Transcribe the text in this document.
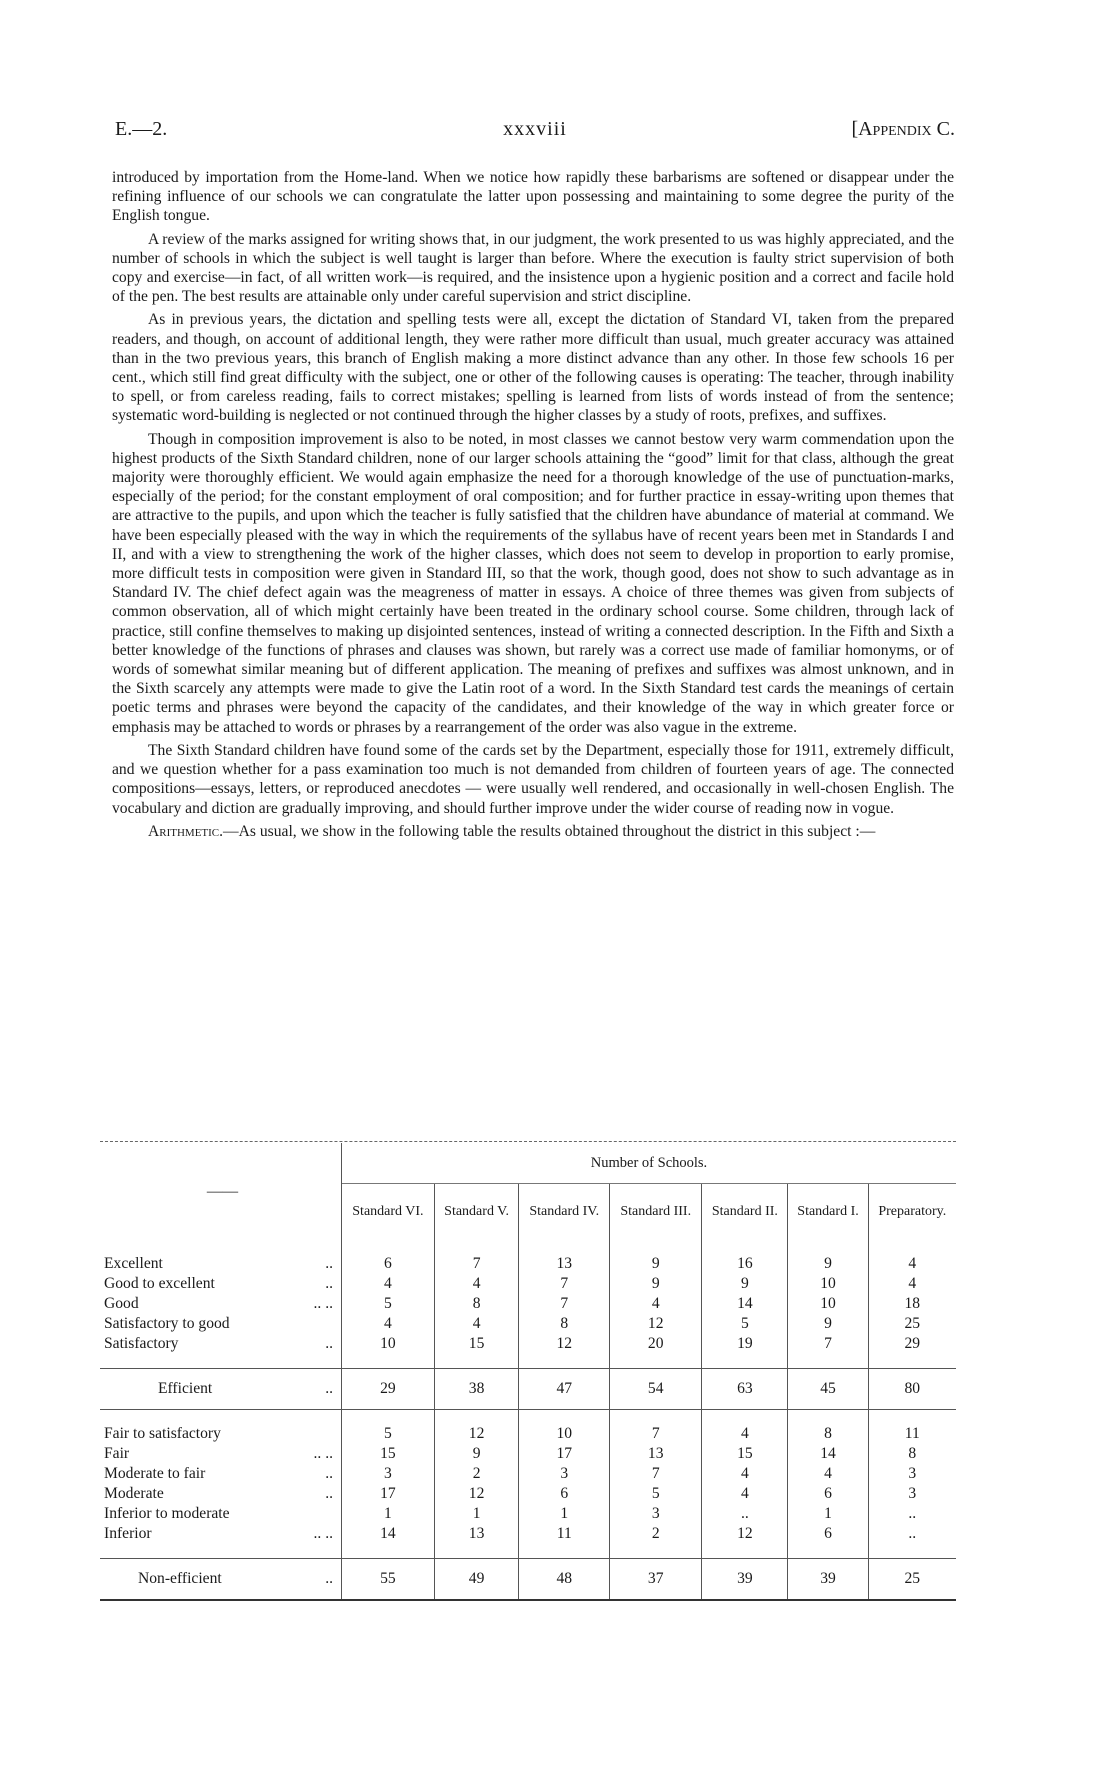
E.—2.	xxxviii	[Appendix C.

introduced by importation from the Home-land. When we notice how rapidly these barbarisms are softened or disappear under the refining influence of our schools we can congratulate the latter upon possessing and maintaining to some degree the purity of the English tongue.

A review of the marks assigned for writing shows that, in our judgment, the work presented to us was highly appreciated, and the number of schools in which the subject is well taught is larger than before. Where the execution is faulty strict supervision of both copy and exercise—in fact, of all written work—is required, and the insistence upon a hygienic position and a correct and facile hold of the pen. The best results are attainable only under careful supervision and strict discipline.

As in previous years, the dictation and spelling tests were all, except the dictation of Standard VI, taken from the prepared readers, and though, on account of additional length, they were rather more difficult than usual, much greater accuracy was attained than in the two previous years, this branch of English making a more distinct advance than any other. In those few schools 16 per cent., which still find great difficulty with the subject, one or other of the following causes is operating: The teacher, through inability to spell, or from careless reading, fails to correct mistakes; spelling is learned from lists of words instead of from the sentence; systematic word-building is neglected or not continued through the higher classes by a study of roots, prefixes, and suffixes.

Though in composition improvement is also to be noted, in most classes we cannot bestow very warm commendation upon the highest products of the Sixth Standard children, none of our larger schools attaining the “good” limit for that class, although the great majority were thoroughly efficient. We would again emphasize the need for a thorough knowledge of the use of punctuation-marks, especially of the period; for the constant employment of oral composition; and for further practice in essay-writing upon themes that are attractive to the pupils, and upon which the teacher is fully satisfied that the children have abundance of material at command. We have been especially pleased with the way in which the requirements of the syllabus have of recent years been met in Standards I and II, and with a view to strengthening the work of the higher classes, which does not seem to develop in proportion to early promise, more difficult tests in composition were given in Standard III, so that the work, though good, does not show to such advantage as in Standard IV. The chief defect again was the meagreness of matter in essays. A choice of three themes was given from subjects of common observation, all of which might certainly have been treated in the ordinary school course. Some children, through lack of practice, still confine themselves to making up disjointed sentences, instead of writing a connected description. In the Fifth and Sixth a better knowledge of the functions of phrases and clauses was shown, but rarely was a correct use made of familiar homonyms, or of words of somewhat similar meaning but of different application. The meaning of prefixes and suffixes was almost unknown, and in the Sixth scarcely any attempts were made to give the Latin root of a word. In the Sixth Standard test cards the meanings of certain poetic terms and phrases were beyond the capacity of the candidates, and their knowledge of the way in which greater force or emphasis may be attached to words or phrases by a rearrangement of the order was also vague in the extreme.

The Sixth Standard children have found some of the cards set by the Department, especially those for 1911, extremely difficult, and we question whether for a pass examination too much is not demanded from children of fourteen years of age. The connected compositions—essays, letters, or reproduced anecdotes — were usually well rendered, and occasionally in well-chosen English. The vocabulary and diction are gradually improving, and should further improve under the wider course of reading now in vogue.

Arithmetic.—As usual, we show in the following table the results obtained throughout the district in this subject :—

——	Number of Schools.						
	Standard VI.	Standard V.	Standard IV.	Standard III.	Standard II.	Standard I.	Preparatory.

Excellent ..	6	7	13	9	16	9	4
Good to excellent ..	4	4	7	9	9	10	4
Good .. ..	5	8	7	4	14	10	18
Satisfactory to good	4	4	8	12	5	9	25
Satisfactory ..	10	15	12	20	19	7	29

Efficient ..	29	38	47	54	63	45	80

Fair to satisfactory	5	12	10	7	4	8	11
Fair .. ..	15	9	17	13	15	14	8
Moderate to fair ..	3	2	3	7	4	4	3
Moderate ..	17	12	6	5	4	6	3
Inferior to moderate	1	1	1	3	..	1	..
Inferior .. ..	14	13	11	2	12	6	..

Non-efficient ..	55	49	48	37	39	39	25
